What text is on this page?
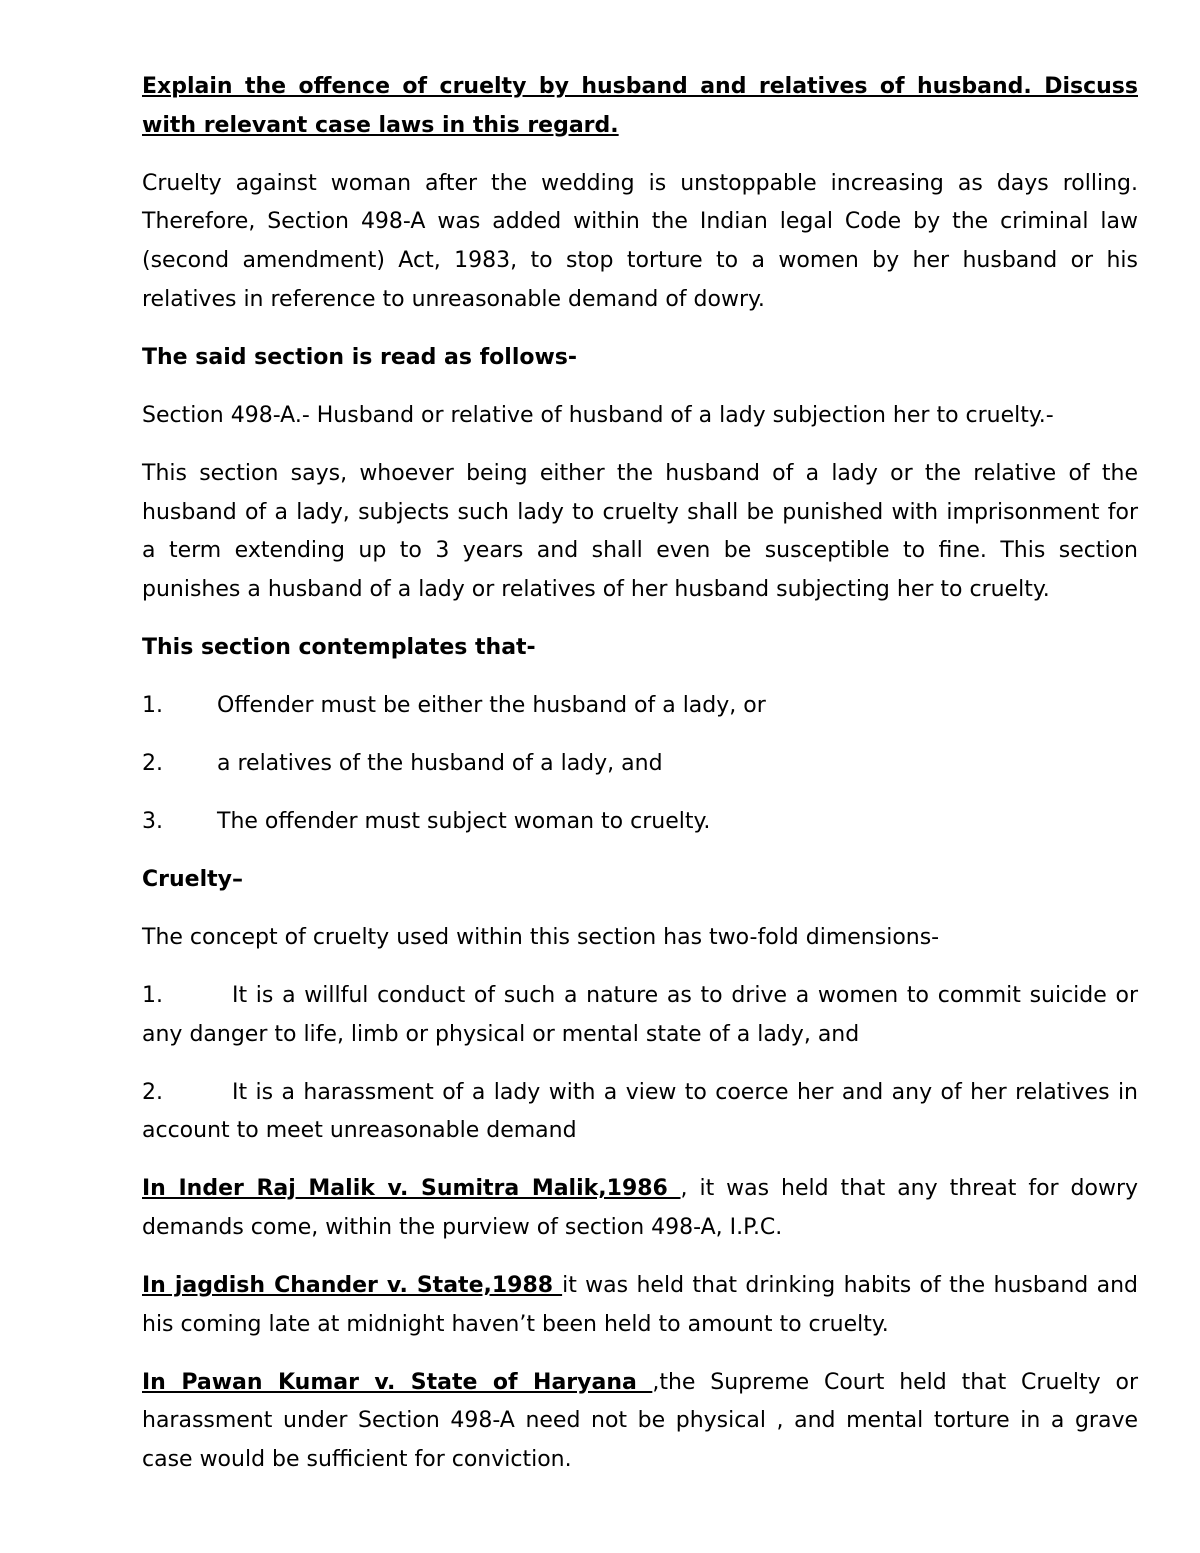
Explain the offence of cruelty by husband and relatives of husband. Discuss with relevant case laws in this regard.

Cruelty against woman after the wedding is unstoppable increasing as days rolling. Therefore, Section 498-A was added within the Indian legal Code by the criminal law (second amendment) Act, 1983, to stop torture to a women by her husband or his relatives in reference to unreasonable demand of dowry.

The said section is read as follows-

Section 498-A.- Husband or relative of husband of a lady subjection her to cruelty.-

This section says, whoever being either the husband of a lady or the relative of the husband of a lady, subjects such lady to cruelty shall be punished with imprisonment for a term extending up to 3 years and shall even be susceptible to fine. This section punishes a husband of a lady or relatives of her husband subjecting her to cruelty.

This section contemplates that-

1.	Offender must be either the husband of a lady, or

2.	a relatives of the husband of a lady, and

3.	The offender must subject woman to cruelty.

Cruelty–

The concept of cruelty used within this section has two-fold dimensions-

1.	It is a willful conduct of such a nature as to drive a women to commit suicide or any danger to life, limb or physical or mental state of a lady, and

2.	It is a harassment of a lady with a view to coerce her and any of her relatives in account to meet unreasonable demand

In Inder Raj Malik v. Sumitra Malik,1986 , it was held that any threat for dowry demands come, within the purview of section 498-A, I.P.C.

In jagdish Chander v. State,1988 it was held that drinking habits of the husband and his coming late at midnight haven’t been held to amount to cruelty.

In Pawan Kumar v. State of Haryana ,the Supreme Court held that Cruelty or harassment under Section 498-A need not be physical , and mental torture in a grave case would be sufficient for conviction.
